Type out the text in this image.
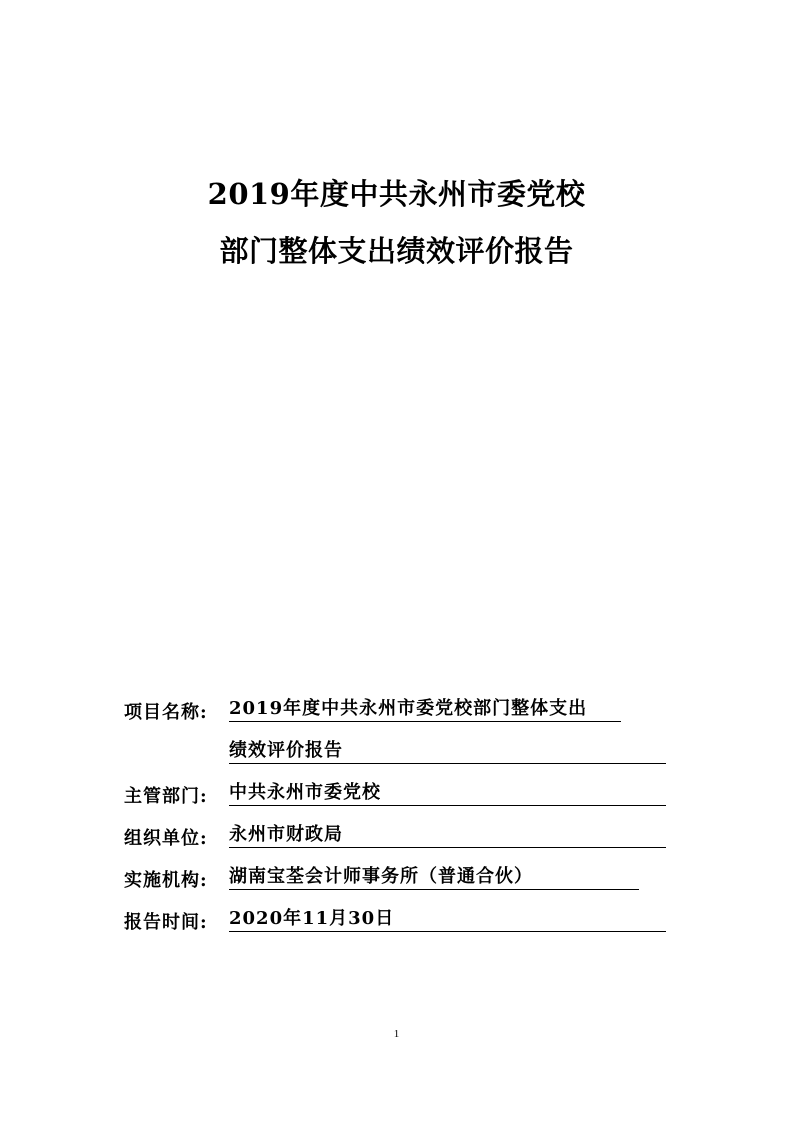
2019年度中共永州市委党校
部门整体支出绩效评价报告
项目名称:	2019年度中共永州市委党校部门整体支出
绩效评价报告
主管部门:	中共永州市委党校
组织单位:	永州市财政局
实施机构:	湖南宝荃会计师事务所（普通合伙）
报告时间:	2020年11月30日
1
